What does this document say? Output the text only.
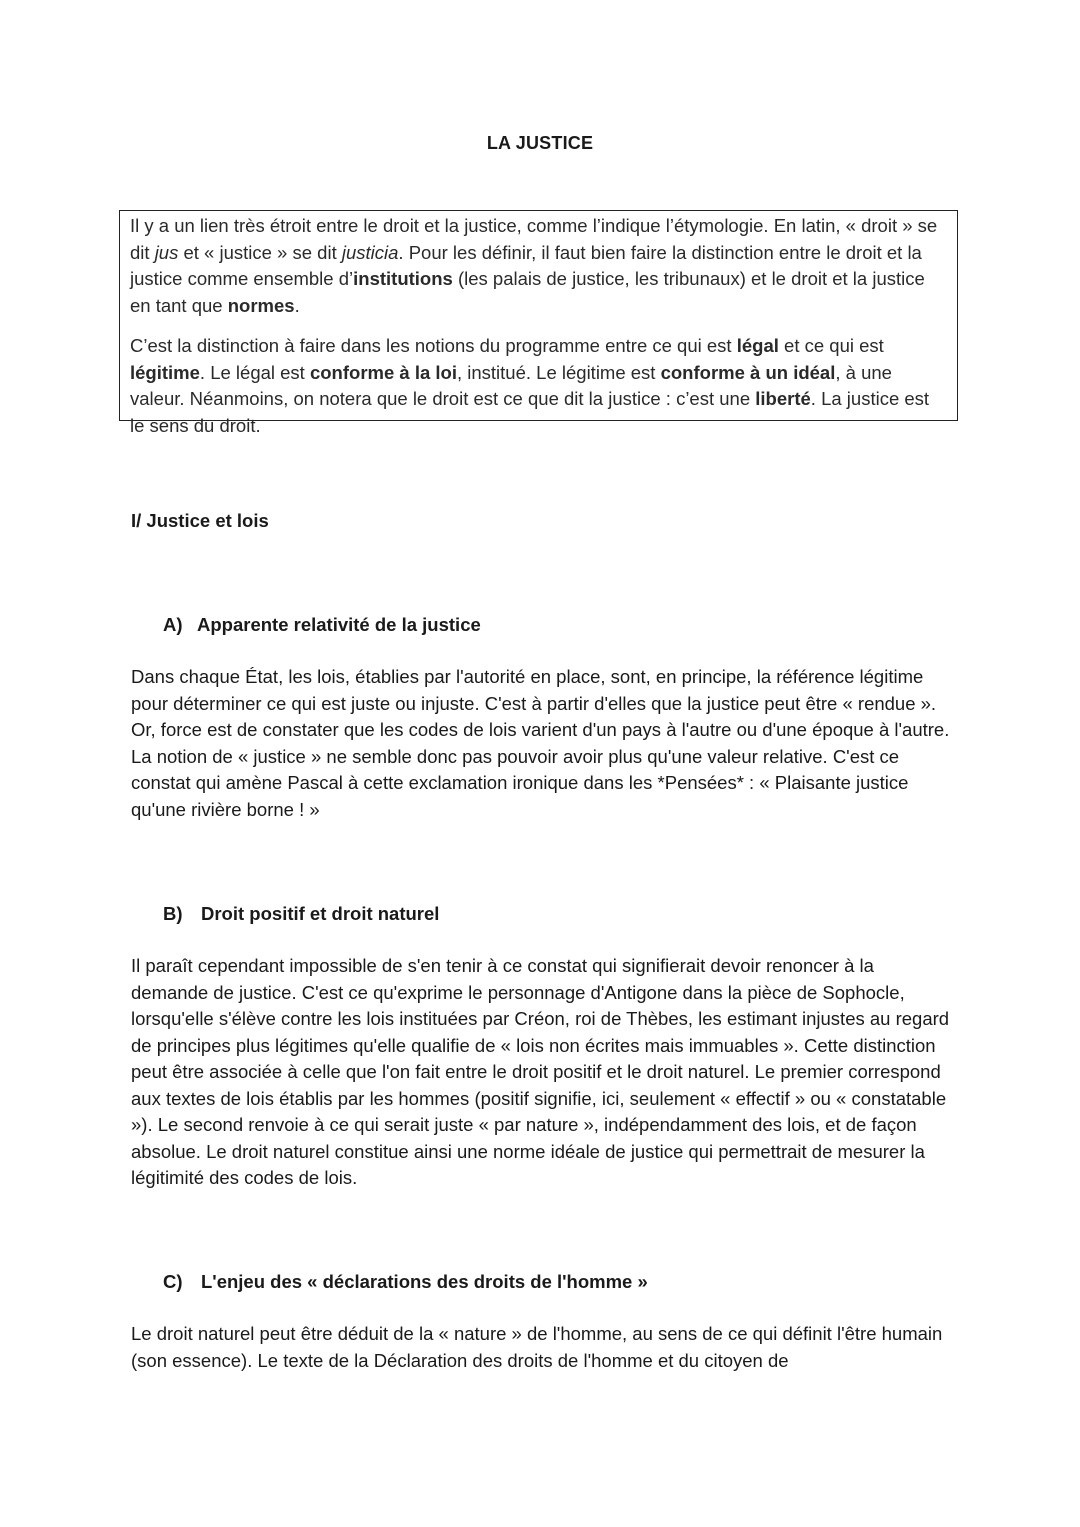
LA JUSTICE

Il y a un lien très étroit entre le droit et la justice, comme l’indique l’étymologie. En latin, « droit » se dit jus et « justice » se dit justicia. Pour les définir, il faut bien faire la distinction entre le droit et la justice comme ensemble d’institutions (les palais de justice, les tribunaux) et le droit et la justice en tant que normes.

C’est la distinction à faire dans les notions du programme entre ce qui est légal et ce qui est légitime. Le légal est conforme à la loi, institué. Le légitime est conforme à un idéal, à une valeur. Néanmoins, on notera que le droit est ce que dit la justice : c’est une liberté. La justice est le sens du droit.

I/ Justice et lois
A) Apparente relativité de la justice

Dans chaque État, les lois, établies par l'autorité en place, sont, en principe, la référence légitime pour déterminer ce qui est juste ou injuste. C'est à partir d'elles que la justice peut être « rendue ». Or, force est de constater que les codes de lois varient d'un pays à l'autre ou d'une époque à l'autre. La notion de « justice » ne semble donc pas pouvoir avoir plus qu'une valeur relative. C'est ce constat qui amène Pascal à cette exclamation ironique dans les *Pensées* : « Plaisante justice qu'une rivière borne ! »

B) Droit positif et droit naturel

Il paraît cependant impossible de s'en tenir à ce constat qui signifierait devoir renoncer à la demande de justice. C'est ce qu'exprime le personnage d'Antigone dans la pièce de Sophocle, lorsqu'elle s'élève contre les lois instituées par Créon, roi de Thèbes, les estimant injustes au regard de principes plus légitimes qu'elle qualifie de « lois non écrites mais immuables ». Cette distinction peut être associée à celle que l'on fait entre le droit positif et le droit naturel. Le premier correspond aux textes de lois établis par les hommes (positif signifie, ici, seulement « effectif » ou « constatable »). Le second renvoie à ce qui serait juste « par nature », indépendamment des lois, et de façon absolue. Le droit naturel constitue ainsi une norme idéale de justice qui permettrait de mesurer la légitimité des codes de lois.

C) L'enjeu des « déclarations des droits de l'homme »

Le droit naturel peut être déduit de la « nature » de l'homme, au sens de ce qui définit l'être humain (son essence). Le texte de la Déclaration des droits de l'homme et du citoyen de
